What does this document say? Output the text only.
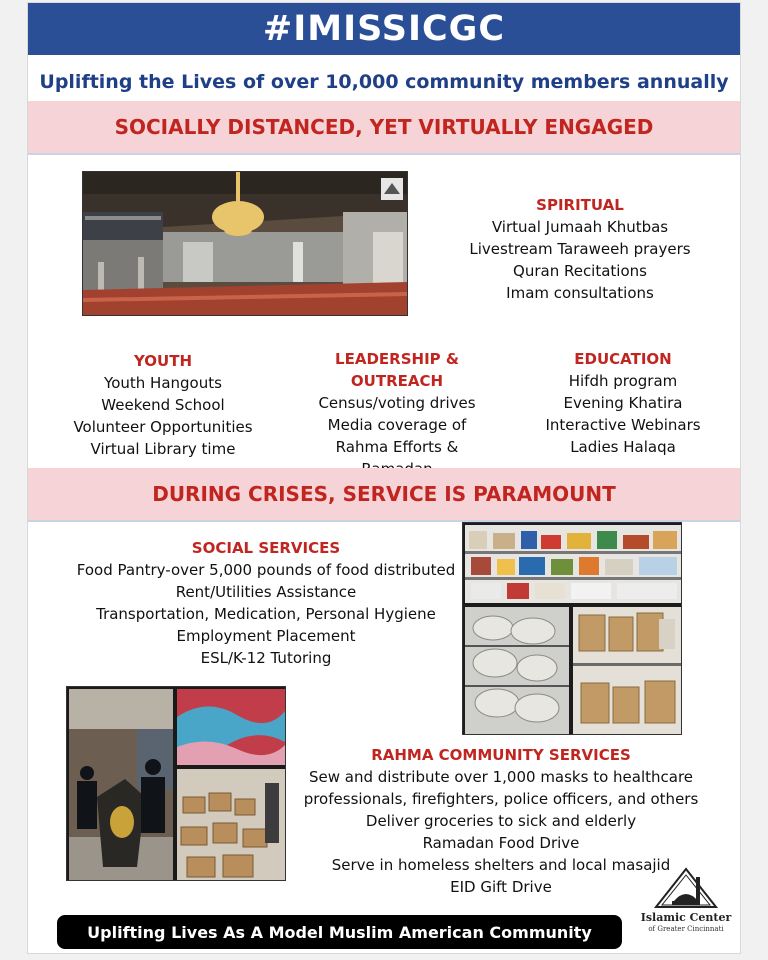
#IMISSICGC
Uplifting the Lives of over 10,000 community members annually
SOCIALLY DISTANCED, YET VIRTUALLY ENGAGED
SPIRITUAL
Virtual Jumaah Khutbas
Livestream Taraweeh prayers
Quran Recitations
Imam consultations
YOUTH
Youth Hangouts
Weekend School
Volunteer Opportunities
Virtual Library time
LEADERSHIP & OUTREACH
Census/voting drives
Media coverage of
Rahma Efforts &
EDUCATION
Hifdh program
Evening Khatira
Interactive Webinars
Ladies Halaqa
DURING CRISES, SERVICE IS PARAMOUNT
SOCIAL SERVICES
Food Pantry-over 5,000 pounds of food distributed
Rent/Utilities Assistance
Transportation, Medication, Personal Hygiene
Employment Placement
ESL/K-12 Tutoring
RAHMA COMMUNITY SERVICES
Sew and distribute over 1,000 masks to healthcare
professionals, firefighters, police officers, and others
Deliver groceries to sick and elderly
Ramadan Food Drive
Serve in homeless shelters and local masajid
EID Gift Drive
Islamic Center
of Greater Cincinnati
Uplifting Lives As A Model Muslim American Community
